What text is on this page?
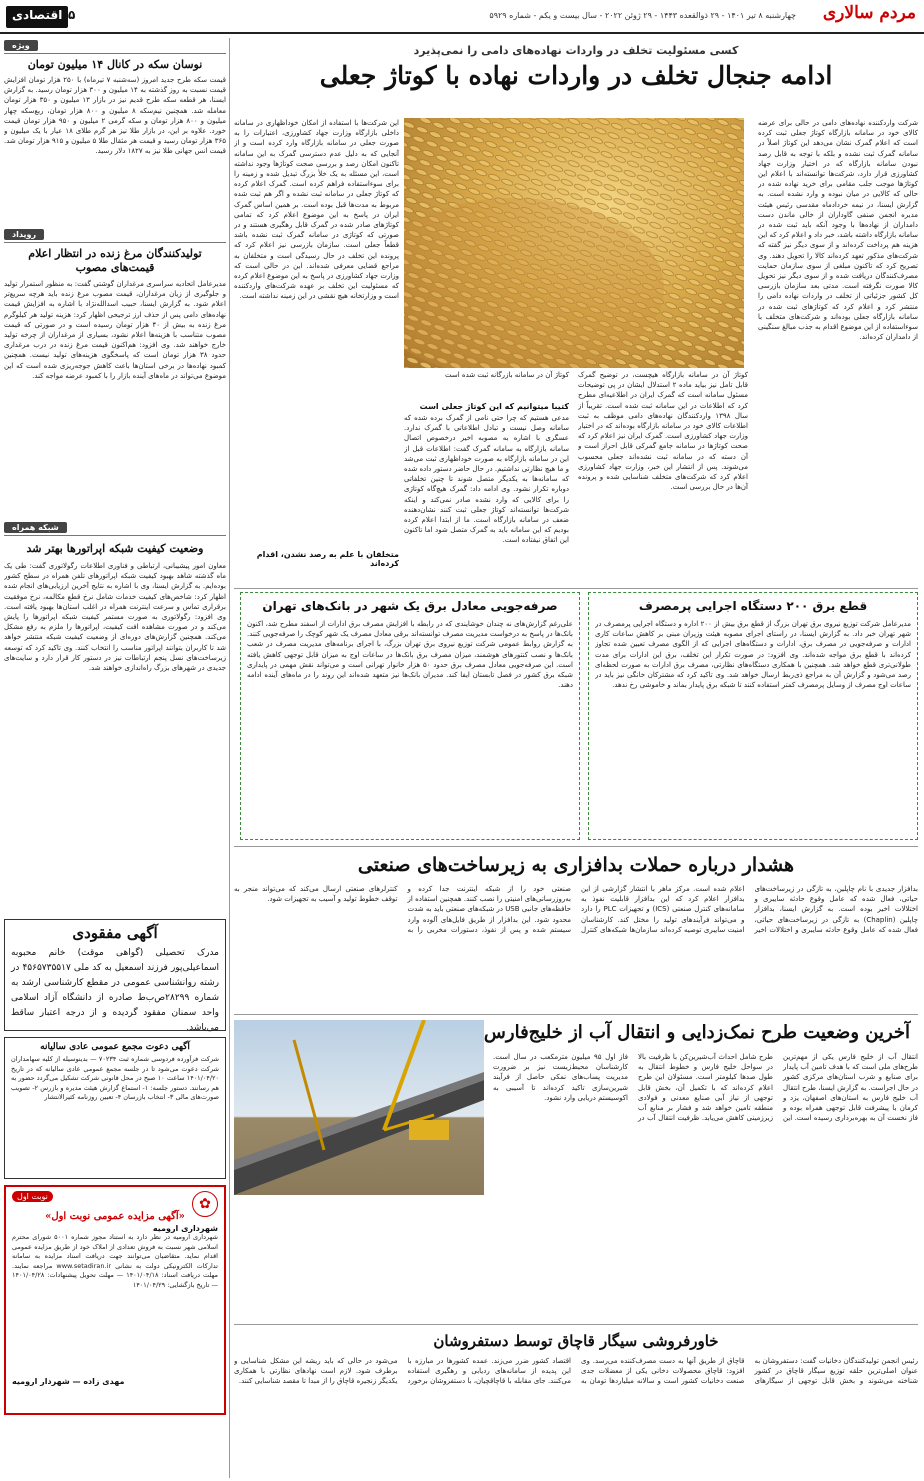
مردم سالاری
چهارشنبه ۸ تیر ۱۴۰۱ - ۲۹ ذوالقعده ۱۴۴۳ - ۲۹ ژوئن ۲۰۲۲ - سال بیست و یکم - شماره ۵۹۲۹
۵
اقتصادی
ویژه
نوسان سکه در کانال ۱۴ میلیون تومان
قیمت سکه طرح جدید امروز (سه‌شنبه ۷ تیرماه) با ۲۵۰ هزار تومان افزایش قیمت نسبت به روز گذشته به ۱۴ میلیون و ۳۰۰ هزار تومان رسید. به گزارش ایسنا، هر قطعه سکه طرح قدیم نیز در بازار ۱۳ میلیون و ۳۵۰ هزار تومان معامله شد. همچنین نیم‌سکه ۸ میلیون و ۸۰۰ هزار تومان، ربع‌سکه چهار میلیون و ۸۰۰ هزار تومان و سکه گرمی ۲ میلیون و ۹۵۰ هزار تومان قیمت خورد. علاوه بر این، در بازار طلا نیز هر گرم طلای ۱۸ عیار با یک میلیون و ۳۶۵ هزار تومان رسید و قیمت هر مثقال طلا ۵ میلیون و ۹۱۵ هزار تومان شد. قیمت انس جهانی طلا نیز به ۱۸۲۷ دلار رسید.
رویداد
تولیدکنندگان مرغ زنده در انتظار اعلام قیمت‌های مصوب
مدیرعامل اتحادیه سراسری مرغداران گوشتی گفت: به منظور استمرار تولید و جلوگیری از زیان مرغداران، قیمت مصوب مرغ زنده باید هرچه سریع‌تر اعلام شود. به گزارش ایسنا، حبیب اسدالله‌نژاد با اشاره به افزایش قیمت نهاده‌های دامی پس از حذف ارز ترجیحی اظهار کرد: هزینه تولید هر کیلوگرم مرغ زنده به بیش از ۴۰ هزار تومان رسیده است و در صورتی که قیمت مصوب متناسب با هزینه‌ها اعلام نشود، بسیاری از مرغداران از چرخه تولید خارج خواهند شد. وی افزود: هم‌اکنون قیمت مرغ زنده در درب مرغداری حدود ۳۸ هزار تومان است که پاسخگوی هزینه‌های تولید نیست. همچنین کمبود نهاده‌ها در برخی استان‌ها باعث کاهش جوجه‌ریزی شده است که این موضوع می‌تواند در ماه‌های آینده بازار را با کمبود عرضه مواجه کند.
شبکه همراه
وضعیت کیفیت شبکه اپراتورها بهتر شد
معاون امور پیشیبانی، ارتباطی و فناوری اطلاعات رگولاتوری گفت: طی یک ماه گذشته شاهد بهبود کیفیت شبکه اپراتورهای تلفن همراه در سطح کشور بوده‌ایم. به گزارش ایسنا، وی با اشاره به نتایج آخرین ارزیابی‌های انجام شده اظهار کرد: شاخص‌های کیفیت خدمات شامل نرخ قطع مکالمه، نرخ موفقیت برقراری تماس و سرعت اینترنت همراه در اغلب استان‌ها بهبود یافته است. وی افزود: رگولاتوری به صورت مستمر کیفیت شبکه اپراتورها را پایش می‌کند و در صورت مشاهده افت کیفیت، اپراتورها را ملزم به رفع مشکل می‌کند. همچنین گزارش‌های دوره‌ای از وضعیت کیفیت شبکه منتشر خواهد شد تا کاربران بتوانند اپراتور مناسب را انتخاب کنند. وی تاکید کرد که توسعه زیرساخت‌های نسل پنجم ارتباطات نیز در دستور کار قرار دارد و سایت‌های جدیدی در شهرهای بزرگ راه‌اندازی خواهند شد.
آگهی مفقودی
مدرک تحصیلی (گواهی موقت) خانم محبوبه اسماعیلی‌پور فرزند اسمعیل به کد ملی ۴۵۶۵۷۳۵۵۱۷ در رشته روانشناسی عمومی در مقطع کارشناسی ارشد به شماره ۲۸۲۹۹ص‌ب‌ط صادره از دانشگاه آزاد اسلامی واحد سمنان مفقود گردیده و از درجه اعتبار ساقط می‌باشد.
آگهی دعوت مجمع عمومی عادی سالیانه
شرکت فرآورده فردوسی شماره ثبت ۷۰۲۳۴ — بدینوسیله از کلیه سهامداران شرکت دعوت می‌شود تا در جلسه مجمع عمومی عادی سالیانه که در تاریخ ۱۴۰۱/۰۴/۲۰ ساعت ۱۰ صبح در محل قانونی شرکت تشکیل می‌گردد حضور به هم رسانند. دستور جلسه: ۱- استماع گزارش هیئت مدیره و بازرس ۲- تصویب صورت‌های مالی ۳- انتخاب بازرسان ۴- تعیین روزنامه کثیرالانتشار
نوبت اول	✿
«آگهی مزایده عمومی نوبت اول»
شهرداری ارومیه
شهرداری ارومیه در نظر دارد به استناد مجوز شماره ۵۰۰۱ شورای محترم اسلامی شهر نسبت به فروش تعدادی از املاک خود از طریق مزایده عمومی اقدام نماید. متقاضیان می‌توانند جهت دریافت اسناد مزایده به سامانه تدارکات الکترونیکی دولت به نشانی www.setadiran.ir مراجعه نمایند. مهلت دریافت اسناد: ۱۴۰۱/۰۴/۱۸ — مهلت تحویل پیشنهادات: ۱۴۰۱/۰۴/۲۸ — تاریخ بازگشایی: ۱۴۰۱/۰۴/۲۹
مهدی زاده — شهردار ارومیه
کسی مسئولیت تخلف در واردات نهاده‌های دامی را نمی‌پذیرد
ادامه جنجال تخلف در واردات نهاده با کوتاژ جعلی
شرکت واردکننده نهاده‌های دامی در حالی برای عرضه کالای خود در سامانه بازارگاه کوتاژ جعلی ثبت کرده است که اعلام گمرک نشان می‌دهد این کوتاژ اصلاً در سامانه گمرک ثبت نشده و بلکه با توجه به قابل رصد نبودن سامانه بازارگاه که در اختیار وزارت جهاد کشاورزی قرار دارد، شرکت‌ها توانسته‌اند با اعلام این کوتاژها موجب جلب مقامی برای خرید نهاده شده در حالی که کالایی در میان نبوده و وارد نشده است. به گزارش ایسنا، در نیمه خردادماه مقدسی رئیس هیئت مدیره انجمن صنفی گاوداران از خالی ماندن دست دامداران از نهاده‌ها با وجود آنکه باید ثبت شده در سامانه بازارگاه داشته باشد، خبر داد و اعلام کرد که این هزینه هم پرداخت کرده‌اند و از سوی دیگر نیز گفته که شرکت‌های مذکور تعهد کرده‌اند کالا را تحویل دهند. وی تصریح کرد که تاکنون مبلغی از سوی سازمان حمایت مصرف‌کنندگان دریافت شده و از سوی دیگر نیز تحویل کالا صورت نگرفته است. مدتی بعد سازمان بازرسی کل کشور جزئیاتی از تخلف در واردات نهاده دامی را منتشر کرد و اعلام کرد که کوتاژهای ثبت شده در سامانه بازارگاه جعلی بوده‌اند و شرکت‌های متخلف با سوءاستفاده از این موضوع اقدام به جذب مبالغ سنگینی از دامداران کرده‌اند.
کوتاژ آن در سامانه بازارگاه هیچست، در توضیح گمرک قابل تامل نیز بیاید ماده ۲ استدلال ایشان در پی توضیحات مسئول سامانه است که گمرک ایران در اطلاعیه‌ای مطرح کرد که اطلاعات در این سامانه ثبت شده است. تقریباً از سال ۱۳۹۸ واردکنندگان نهاده‌های دامی موظف به ثبت اطلاعات کالای خود در سامانه بازارگاه بوده‌اند که در اختیار وزارت جهاد کشاورزی است. گمرک ایران نیز اعلام کرد که صحت کوتاژها در سامانه جامع گمرکی قابل احراز است و آن دسته که در سامانه ثبت نشده‌اند جعلی محسوب می‌شوند. پس از انتشار این خبر، وزارت جهاد کشاورزی اعلام کرد که شرکت‌های متخلف شناسایی شده و پرونده آن‌ها در حال بررسی است.
کوتاژ آن در سامانه بازرگانه ثبت شده است
کتیبا میتوانیم که این کوتاژ جعلی است
مدعی هستیم که چرا حتی نامی از گمرک برده شده که سامانه وصل نیست و تبادل اطلاعاتی با گمرک ندارد. عسگری با اشاره به مصوبه اخیر درخصوص اتصال سامانه بازارگاه به سامانه گمرک گفت: اطلاعات قبل از این در سامانه بازارگاه به صورت خوداظهاری ثبت می‌شد و ما هیچ نظارتی نداشتیم. در حال حاضر دستور داده شده که سامانه‌ها به یکدیگر متصل شوند تا چنین تخلفاتی دوباره تکرار نشود. وی ادامه داد: گمرک هیچ‌گاه کوتاژی را برای کالایی که وارد نشده صادر نمی‌کند و اینکه شرکت‌ها توانسته‌اند کوتاژ جعلی ثبت کنند نشان‌دهنده ضعف در سامانه بازارگاه است. ما از ابتدا اعلام کرده بودیم که این سامانه باید به گمرک متصل شود اما تاکنون این اتفاق نیفتاده است.
این شرکت‌ها با استفاده از امکان خوداظهاری در سامانه داخلی بازارگاه وزارت جهاد کشاورزی، اعتبارات را به صورت جعلی در سامانه بازارگاه وارد کرده است و از آنجایی که به دلیل عدم دسترسی گمرک به این سامانه تاکنون امکان رصد و بررسی صحت کوتاژها وجود نداشته است، این مسئله به یک خلأ بزرگ تبدیل شده و زمینه را برای سوءاستفاده فراهم کرده است. گمرک اعلام کرده که کوتاژ جعلی در سامانه ثبت نشده و اگر هم ثبت شده مربوط به مدت‌ها قبل بوده است. بر همین اساس گمرک ایران در پاسخ به این موضوع اعلام کرد که تمامی کوتاژهای صادر شده در گمرک قابل رهگیری هستند و در صورتی که کوتاژی در سامانه گمرک ثبت نشده باشد قطعاً جعلی است. سازمان بازرسی نیز اعلام کرد که پرونده این تخلف در حال رسیدگی است و متخلفان به مراجع قضایی معرفی شده‌اند. این در حالی است که وزارت جهاد کشاورزی در پاسخ به این موضوع اعلام کرده که مسئولیت این تخلف بر عهده شرکت‌های واردکننده است و وزارتخانه هیچ نقشی در این زمینه نداشته است.
متخلفان با علم به رصد نشدن، اقدام کرده‌اند
قطع برق ۲۰۰ دستگاه اجرایی پرمصرف
مدیرعامل شرکت توزیع نیروی برق تهران بزرگ از قطع برق بیش از ۲۰۰ اداره و دستگاه اجرایی پرمصرف در شهر تهران خبر داد. به گزارش ایسنا، در راستای اجرای مصوبه هیئت وزیران مبنی بر کاهش ساعات کاری ادارات و صرفه‌جویی در مصرف برق، ادارات و دستگاه‌های اجرایی که از الگوی مصرف تعیین شده تجاوز کرده‌اند با قطع برق مواجه شده‌اند. وی افزود: در صورت تکرار این تخلف، برق این ادارات برای مدت طولانی‌تری قطع خواهد شد. همچنین با همکاری دستگاه‌های نظارتی، مصرف برق ادارات به صورت لحظه‌ای رصد می‌شود و گزارش آن به مراجع ذی‌ربط ارسال خواهد شد. وی تاکید کرد که مشترکان خانگی نیز باید در ساعات اوج مصرف از وسایل پرمصرف کمتر استفاده کنند تا شبکه برق پایدار بماند و خاموشی رخ ندهد.
صرفه‌جویی معادل برق یک شهر در بانک‌های تهران
علی‌رغم گزارش‌های نه چندان خوشایندی که در رابطه با افزایش مصرف برق ادارات از اسفند مطرح شد، اکنون بانک‌ها در پاسخ به درخواست مدیریت مصرف توانسته‌اند برقی معادل مصرف یک شهر کوچک را صرفه‌جویی کنند. به گزارش روابط عمومی شرکت توزیع نیروی برق تهران بزرگ، با اجرای برنامه‌های مدیریت مصرف در شعب بانک‌ها و نصب کنتورهای هوشمند، میزان مصرف برق بانک‌ها در ساعات اوج به میزان قابل توجهی کاهش یافته است. این صرفه‌جویی معادل مصرف برق حدود ۵۰ هزار خانوار تهرانی است و می‌تواند نقش مهمی در پایداری شبکه برق کشور در فصل تابستان ایفا کند. مدیران بانک‌ها نیز متعهد شده‌اند این روند را در ماه‌های آینده ادامه دهند.
هشدار درباره حملات بدافزاری به زیرساخت‌های صنعتی
بدافزار جدیدی با نام چاپلین، به تازگی در زیرساخت‌های حیاتی، فعال شده که عامل وقوع حادثه سایبری و اختلالات اخیر بوده است. به گزارش ایسنا، بدافزار چاپلین (Chaplin) به تازگی در زیرساخت‌های حیاتی، فعال شده که عامل وقوع حادثه سایبری و اختلالات اخیر اعلام شده است. مرکز ماهر با انتشار گزارشی از این بدافزار اعلام کرد که این بدافزار قابلیت نفوذ به سامانه‌های کنترل صنعتی (ICS) و تجهیزات PLC را دارد و می‌تواند فرآیندهای تولید را مختل کند. کارشناسان امنیت سایبری توصیه کرده‌اند سازمان‌ها شبکه‌های کنترل صنعتی خود را از شبکه اینترنت جدا کرده و به‌روزرسانی‌های امنیتی را نصب کنند. همچنین استفاده از حافظه‌های جانبی USB در شبکه‌های صنعتی باید به شدت محدود شود. این بدافزار از طریق فایل‌های آلوده وارد سیستم شده و پس از نفوذ، دستورات مخربی را به کنترلرهای صنعتی ارسال می‌کند که می‌تواند منجر به توقف خطوط تولید و آسیب به تجهیزات شود.
آخرین وضعیت طرح نمک‌زدایی و انتقال آب از خلیج‌فارس
انتقال آب از خلیج فارس یکی از مهم‌ترین طرح‌های ملی است که با هدف تامین آب پایدار برای صنایع و شرب استان‌های مرکزی کشور در حال اجراست. به گزارش ایسنا، طرح انتقال آب خلیج فارس به استان‌های اصفهان، یزد و کرمان با پیشرفت قابل توجهی همراه بوده و فاز نخست آن به بهره‌برداری رسیده است. این طرح شامل احداث آب‌شیرین‌کن با ظرفیت بالا در سواحل خلیج فارس و خطوط انتقال به طول صدها کیلومتر است. مسئولان این طرح اعلام کرده‌اند که با تکمیل آن، بخش قابل توجهی از نیاز آبی صنایع معدنی و فولادی منطقه تامین خواهد شد و فشار بر منابع آب زیرزمینی کاهش می‌یابد. ظرفیت انتقال آب در فاز اول ۹۵ میلیون مترمکعب در سال است. کارشناسان محیط‌زیست نیز بر ضرورت مدیریت پساب‌های نمکی حاصل از فرآیند شیرین‌سازی تاکید کرده‌اند تا آسیبی به اکوسیستم دریایی وارد نشود.
خاورفروشی سیگار قاچاق توسط دستفروشان
رئیس انجمن تولیدکنندگان دخانیات گفت: دستفروشان به عنوان اصلی‌ترین حلقه توزیع سیگار قاچاق در کشور شناخته می‌شوند و بخش قابل توجهی از سیگارهای قاچاق از طریق آنها به دست مصرف‌کننده می‌رسد. وی افزود: قاچاق محصولات دخانی یکی از معضلات جدی صنعت دخانیات کشور است و سالانه میلیاردها تومان به اقتصاد کشور ضرر می‌زند. عمده کشورها در مبارزه با این پدیده از سامانه‌های ردیابی و رهگیری استفاده می‌کنند. جای مقابله با قاچاقچیان، با دستفروشان برخورد می‌شود در حالی که باید ریشه این مشکل شناسایی و برطرف شود. لازم است نهادهای نظارتی با همکاری یکدیگر زنجیره قاچاق را از مبدا تا مقصد شناسایی کنند.
